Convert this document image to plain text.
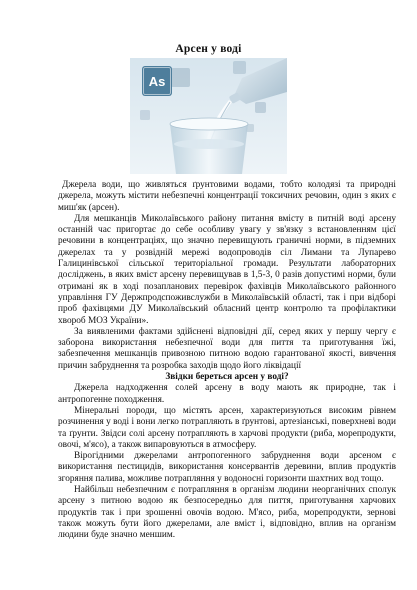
Арсен у воді
As

Джерела води, що живляться ґрунтовими водами, тобто колодязі та природні джерела, можуть містити небезпечні концентрації токсичних речовин, один з яких є миш'як (арсен).

Для мешканців Миколаївського району питання вмісту в питній воді арсену останній час пригортає до себе особливу увагу у зв'язку з встановленням цієї речовини в концентраціях, що значно перевищують граничні норми, в підземних джерелах та у розвідній мережі водопроводів сіл Лимани та Лупарево Галицинівської сільської територіальної громади. Результати лабораторних досліджень, в яких вміст арсену перевищував в 1,5-3, 0 разів допустимі норми, були отримані як в ході позапланових перевірок фахівців Миколаївського районного управління ГУ Держпродспоживслужби в Миколаївській області, так і при відборі проб фахівцями ДУ Миколаївський обласний центр контролю та профілактики хвороб МОЗ України».

За виявленими фактами здійснені відповідні дії, серед яких у першу чергу є заборона використання небезпечної води для пиття та приготування їжі, забезпечення мешканців привозною питною водою гарантованої якості, вивчення причин забруднення та розробка заходів щодо його ліквідації

Звідки береться арсен у воді?

Джерела надходження солей арсену в воду мають як природне, так і антропогенне походження.

Мінеральні породи, що містять арсен, характеризуються високим рівнем розчинення у воді і вони легко потрапляють в ґрунтові, артезіанські, поверхневі води та ґрунти. Звідси солі арсену потрапляють в харчові продукти (риба, морепродукти, овочі, м'ясо), а також випаровуються в атмосферу.

Вірогідними джерелами антропогенного забруднення води арсеном є використання пестицидів, використання консервантів деревини, вплив продуктів згоряння палива, можливе потрапляння у водоносні горизонти шахтних вод тощо.

Найбільш небезпечним є потрапляння в організм людини неорганічних сполук арсену з питною водою як безпосередньо для пиття, приготування харчових продуктів так і при зрошенні овочів водою. М'ясо, риба, морепродукти, зернові також можуть бути його джерелами, але вміст і, відповідно, вплив на організм людини буде значно меншим.
